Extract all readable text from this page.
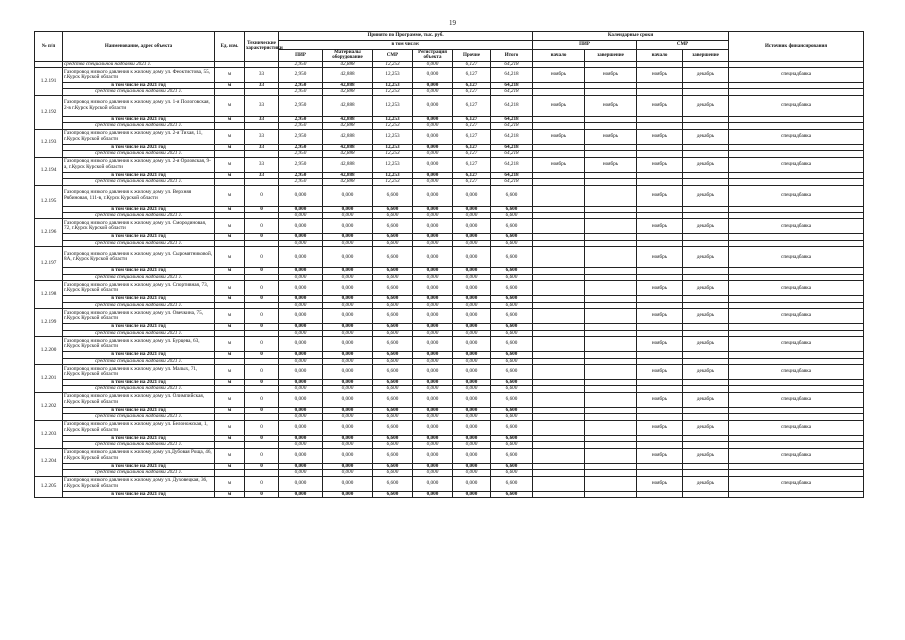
19
№ п/п	Наименование, адрес объекта	Ед. изм.	Технические характеристики	Принято по Программе, тыс. руб.						Календарные сроки				Источник финансирования
				в том числе:						ПИР		СМР		
				ПИР	Материалы оборудование	СМР	Регистрация объекта	Прочие	Итого	начало	завершение	начало	завершение	
	средства специальной надбавки 2021 г.			2,950	42,888	12,253	0,000	6,127	64,218					
1.2.191	Газопровод низкого давления к жилому дому ул. Феоктистова, 55, г.Курск Курской области	м	33	2,950	42,888	12,253	0,000	6,127	64,218	ноябрь	ноябрь	ноябрь	декабрь	спецнадбавка
	в том числе на 2021 год	м	33	2,950	42,888	12,253	0,000	6,127	64,218					
	средства специальной надбавки 2021 г.			2,950	42,888	12,253	0,000	6,127	64,218					
1.2.192	Газопровод низкого давления к жилому дому ул. 1-я Пологовская, 2-в г.Курск Курской области	м	33	2,950	42,888	12,253	0,000	6,127	64,218	ноябрь	ноябрь	ноябрь	декабрь	спецнадбавка
	в том числе на 2021 год	м	33	2,950	42,888	12,253	0,000	6,127	64,218					
	средства специальной надбавки 2021 г.			2,950	42,888	12,253	0,000	6,127	64,218					
1.2.193	Газопровод низкого давления к жилому дому ул. 2-я Тихая, 11, г.Курск Курской области	м	33	2,950	42,888	12,253	0,000	6,127	64,218	ноябрь	ноябрь	ноябрь	декабрь	спецнадбавка
	в том числе на 2021 год	м	33	2,950	42,888	12,253	0,000	6,127	64,218					
	средства специальной надбавки 2021 г.			2,950	42,888	12,253	0,000	6,127	64,218					
1.2.194	Газопровод низкого давления к жилому дому ул. 2-я Орловская, 9-а, г.Курск Курской области	м	33	2,950	42,888	12,253	0,000	6,127	64,218	ноябрь	ноябрь	ноябрь	декабрь	спецнадбавка
	в том числе на 2021 год	м	33	2,950	42,888	12,253	0,000	6,127	64,218					
	средства специальной надбавки 2021 г.			2,950	42,888	12,253	0,000	6,127	64,218					
1.2.195	Газопровод низкого давления к жилому дому ул. Верхняя Рябиновая, 111-в, г.Курск Курской области	м	0	0,000	0,000	6,600	0,000	0,000	6,600			ноябрь	декабрь	спецнадбавка
	в том числе на 2021 год	м	0	0,000	0,000	6,600	0,000	0,000	6,600					
	средства специальной надбавки 2021 г.			0,000	0,000	6,600	0,000	0,000	6,600					
1.2.196	Газопровод низкого давления к жилому дому ул. Смородиновая, 72, г.Курск Курской области	м	0	0,000	0,000	6,600	0,000	0,000	6,600			ноябрь	декабрь	спецнадбавка
	в том числе на 2021 год	м	0	0,000	0,000	6,600	0,000	0,000	6,600					
	средства специальной надбавки 2021 г.			0,000	0,000	6,600	0,000	0,000	6,600					
1.2.197	Газопровод низкого давления к жилому дому ул. Сыромятниковой, 8А, г.Курск Курской области	м	0	0,000	0,000	6,600	0,000	0,000	6,600			ноябрь	декабрь	спецнадбавка
	в том числе на 2021 год	м	0	0,000	0,000	6,600	0,000	0,000	6,600					
	средства специальной надбавки 2021 г.			0,000	0,000	6,600	0,000	0,000	6,600					
1.2.198	Газопровод низкого давления к жилому дому ул. Спортивная, 73, г.Курск Курской области	м	0	0,000	0,000	6,600	0,000	0,000	6,600			ноябрь	декабрь	спецнадбавка
	в том числе на 2021 год	м	0	0,000	0,000	6,600	0,000	0,000	6,600					
	средства специальной надбавки 2021 г.			0,000	0,000	6,600	0,000	0,000	6,600					
1.2.199	Газопровод низкого давления к жилому дому ул. Овечкина, 75, г.Курск Курской области	м	0	0,000	0,000	6,600	0,000	0,000	6,600			ноябрь	декабрь	спецнадбавка
	в том числе на 2021 год	м	0	0,000	0,000	6,600	0,000	0,000	6,600					
	средства специальной надбавки 2021 г.			0,000	0,000	6,600	0,000	0,000	6,600					
1.2.200	Газопровод низкого давления к жилому дому ул. Бурцева, 63, г.Курск Курской области	м	0	0,000	0,000	6,600	0,000	0,000	6,600			ноябрь	декабрь	спецнадбавка
	в том числе на 2021 год	м	0	0,000	0,000	6,600	0,000	0,000	6,600					
	средства специальной надбавки 2021 г.			0,000	0,000	6,600	0,000	0,000	6,600					
1.2.201	Газопровод низкого давления к жилому дому ул. Малых, 71, г.Курск Курской области	м	0	0,000	0,000	6,600	0,000	0,000	6,600			ноябрь	декабрь	спецнадбавка
	в том числе на 2021 год	м	0	0,000	0,000	6,600	0,000	0,000	6,600					
	средства специальной надбавки 2021 г.			0,000	0,000	6,600	0,000	0,000	6,600					
1.2.202	Газопровод низкого давления к жилому дому ул. Олимпийская, г.Курск Курской области	м	0	0,000	0,000	6,600	0,000	0,000	6,600			ноябрь	декабрь	спецнадбавка
	в том числе на 2021 год	м	0	0,000	0,000	6,600	0,000	0,000	6,600					
	средства специальной надбавки 2021 г.			0,000	0,000	6,600	0,000	0,000	6,600					
1.2.203	Газопровод низкого давления к жилому дому ул. Белоножская, 1, г.Курск Курской области	м	0	0,000	0,000	6,600	0,000	0,000	6,600			ноябрь	декабрь	спецнадбавка
	в том числе на 2021 год	м	0	0,000	0,000	6,600	0,000	0,000	6,600					
	средства специальной надбавки 2021 г.			0,000	0,000	6,600	0,000	0,000	6,600					
1.2.204	Газопровод низкого давления к жилому дому ул.Дубовая Роща, 46, г.Курск Курской области	м	0	0,000	0,000	6,600	0,000	0,000	6,600			ноябрь	декабрь	спецнадбавка
	в том числе на 2021 год	м	0	0,000	0,000	6,600	0,000	0,000	6,600					
	средства специальной надбавки 2021 г.			0,000	0,000	6,600	0,000	0,000	6,600					
1.2.205	Газопровод низкого давления к жилому дому ул. Духовецкая, 36, г.Курск Курской области	м	0	0,000	0,000	6,600	0,000	0,000	6,600			ноябрь	декабрь	спецнадбавка
	в том числе на 2021 год	м	0	0,000	0,000	6,600	0,000	0,000	6,600					
